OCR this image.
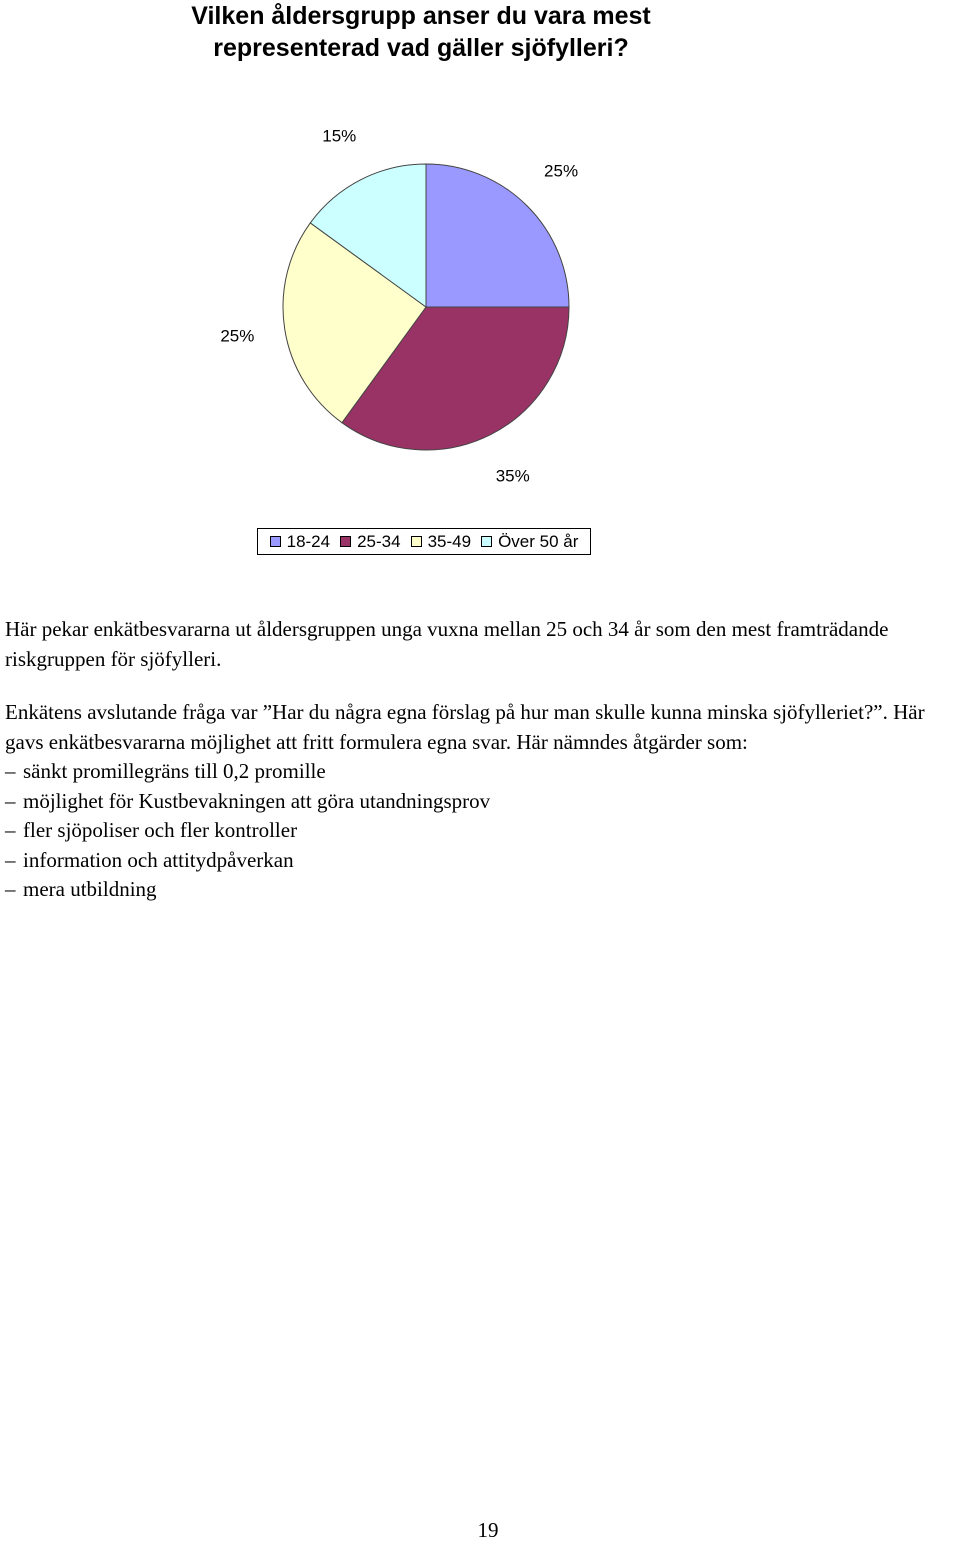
Vilken åldersgrupp anser du vara mest
representerad vad gäller sjöfylleri?
25%
35%
25%
15%
18-24 25-34 35-49 Över 50 år

Här pekar enkätbesvararna ut åldersgruppen unga vuxna mellan 25 och 34 år som den mest framträdande riskgruppen för sjöfylleri.

Enkätens avslutande fråga var ”Har du några egna förslag på hur man skulle kunna minska sjöfylleriet?”. Här gavs enkätbesvararna möjlighet att fritt formulera egna svar. Här nämndes åtgärder som:
– sänkt promillegräns till 0,2 promille
– möjlighet för Kustbevakningen att göra utandningsprov
– fler sjöpoliser och fler kontroller
– information och attitydpåverkan
– mera utbildning
19
